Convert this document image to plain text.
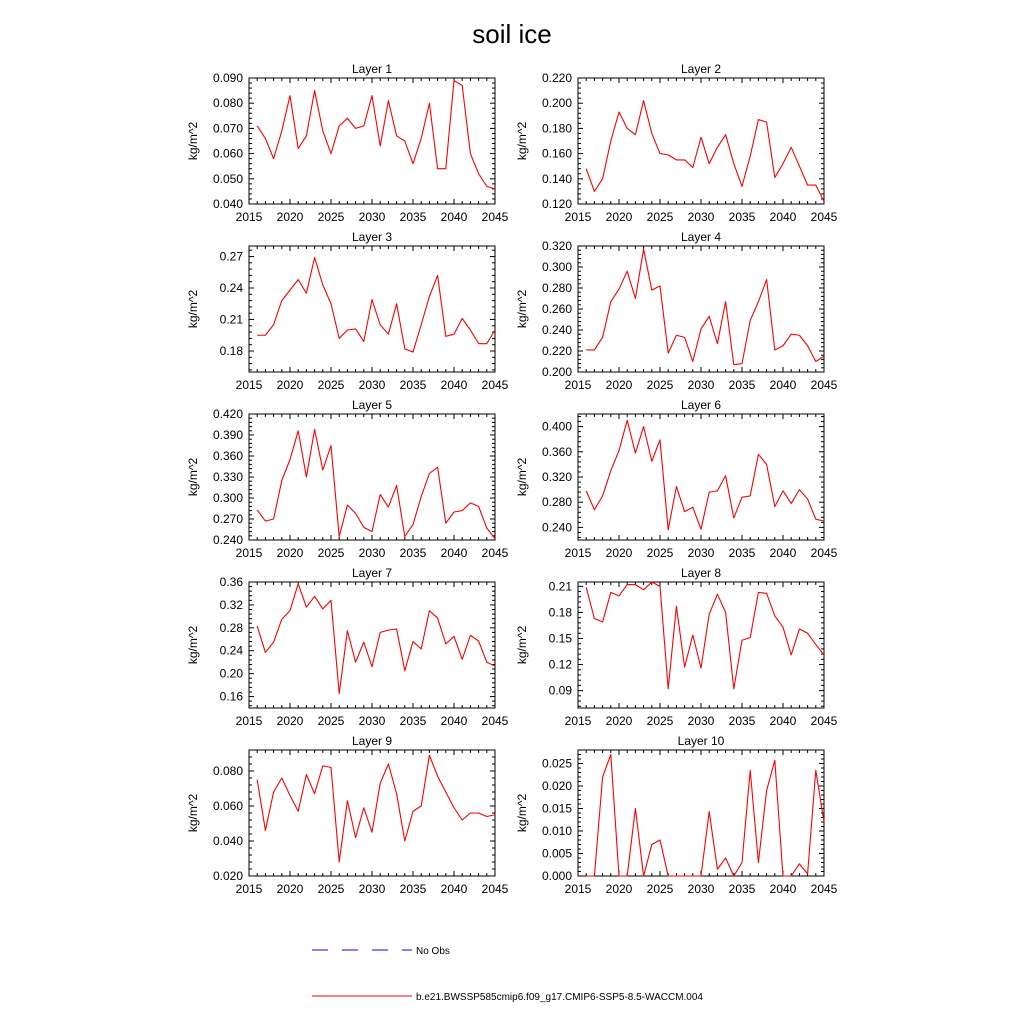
soil ice
Layer 1
kg/m^2
2015 2020 2025 2030 2035 2040 2045
0.040
0.050
0.060
0.070
0.080
0.090
Layer 2
kg/m^2
2015 2020 2025 2030 2035 2040 2045
0.120
0.140
0.160
0.180
0.200
0.220
Layer 3
kg/m^2
2015 2020 2025 2030 2035 2040 2045
0.18
0.21
0.24
0.27
Layer 4
kg/m^2
2015 2020 2025 2030 2035 2040 2045
0.200
0.220
0.240
0.260
0.280
0.300
0.320
Layer 5
kg/m^2
2015 2020 2025 2030 2035 2040 2045
0.240
0.270
0.300
0.330
0.360
0.390
0.420
Layer 6
kg/m^2
2015 2020 2025 2030 2035 2040 2045
0.240
0.280
0.320
0.360
0.400
Layer 7
kg/m^2
2015 2020 2025 2030 2035 2040 2045
0.16
0.20
0.24
0.28
0.32
0.36
Layer 8
kg/m^2
2015 2020 2025 2030 2035 2040 2045
0.09
0.12
0.15
0.18
0.21
Layer 9
kg/m^2
2015 2020 2025 2030 2035 2040 2045
0.020
0.040
0.060
0.080
Layer 10
kg/m^2
2015 2020 2025 2030 2035 2040 2045
0.000
0.005
0.010
0.015
0.020
0.025
No Obs
b.e21.BWSSP585cmip6.f09_g17.CMIP6-SSP5-8.5-WACCM.004
